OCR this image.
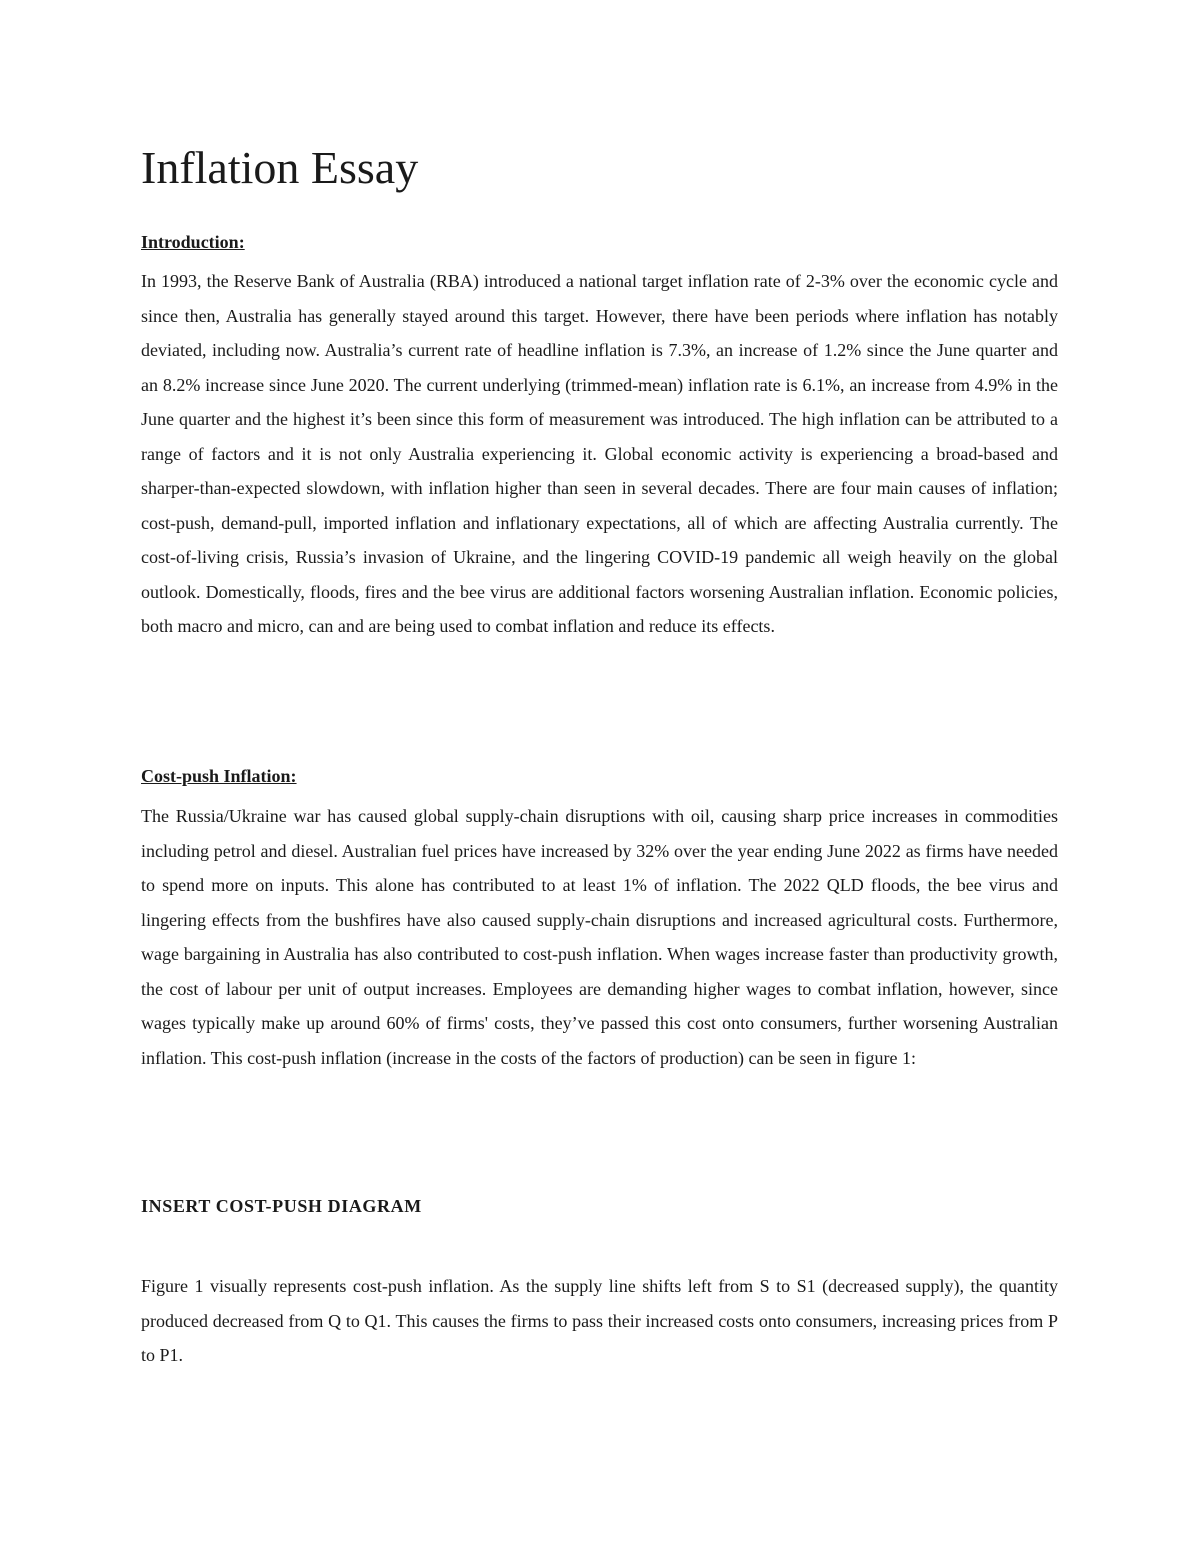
Inflation Essay
Introduction:

In 1993, the Reserve Bank of Australia (RBA) introduced a national target inflation rate of 2-3% over the economic cycle and since then, Australia has generally stayed around this target. However, there have been periods where inflation has notably deviated, including now. Australia’s current rate of headline inflation is 7.3%, an increase of 1.2% since the June quarter and an 8.2% increase since June 2020. The current underlying (trimmed-mean) inflation rate is 6.1%, an increase from 4.9% in the June quarter and the highest it’s been since this form of measurement was introduced. The high inflation can be attributed to a range of factors and it is not only Australia experiencing it. Global economic activity is experiencing a broad-based and sharper-than-expected slowdown, with inflation higher than seen in several decades. There are four main causes of inflation; cost-push, demand-pull, imported inflation and inflationary expectations, all of which are affecting Australia currently. The cost-of-living crisis, Russia’s invasion of Ukraine, and the lingering COVID-19 pandemic all weigh heavily on the global outlook. Domestically, floods, fires and the bee virus are additional factors worsening Australian inflation. Economic policies, both macro and micro, can and are being used to combat inflation and reduce its effects.

Cost-push Inflation:

The Russia/Ukraine war has caused global supply-chain disruptions with oil, causing sharp price increases in commodities including petrol and diesel. Australian fuel prices have increased by 32% over the year ending June 2022 as firms have needed to spend more on inputs. This alone has contributed to at least 1% of inflation. The 2022 QLD floods, the bee virus and lingering effects from the bushfires have also caused supply-chain disruptions and increased agricultural costs. Furthermore, wage bargaining in Australia has also contributed to cost-push inflation. When wages increase faster than productivity growth, the cost of labour per unit of output increases. Employees are demanding higher wages to combat inflation, however, since wages typically make up around 60% of firms' costs, they’ve passed this cost onto consumers, further worsening Australian inflation. This cost-push inflation (increase in the costs of the factors of production) can be seen in figure 1:

INSERT COST-PUSH DIAGRAM

Figure 1 visually represents cost-push inflation. As the supply line shifts left from S to S1 (decreased supply), the quantity produced decreased from Q to Q1. This causes the firms to pass their increased costs onto consumers, increasing prices from P to P1.
